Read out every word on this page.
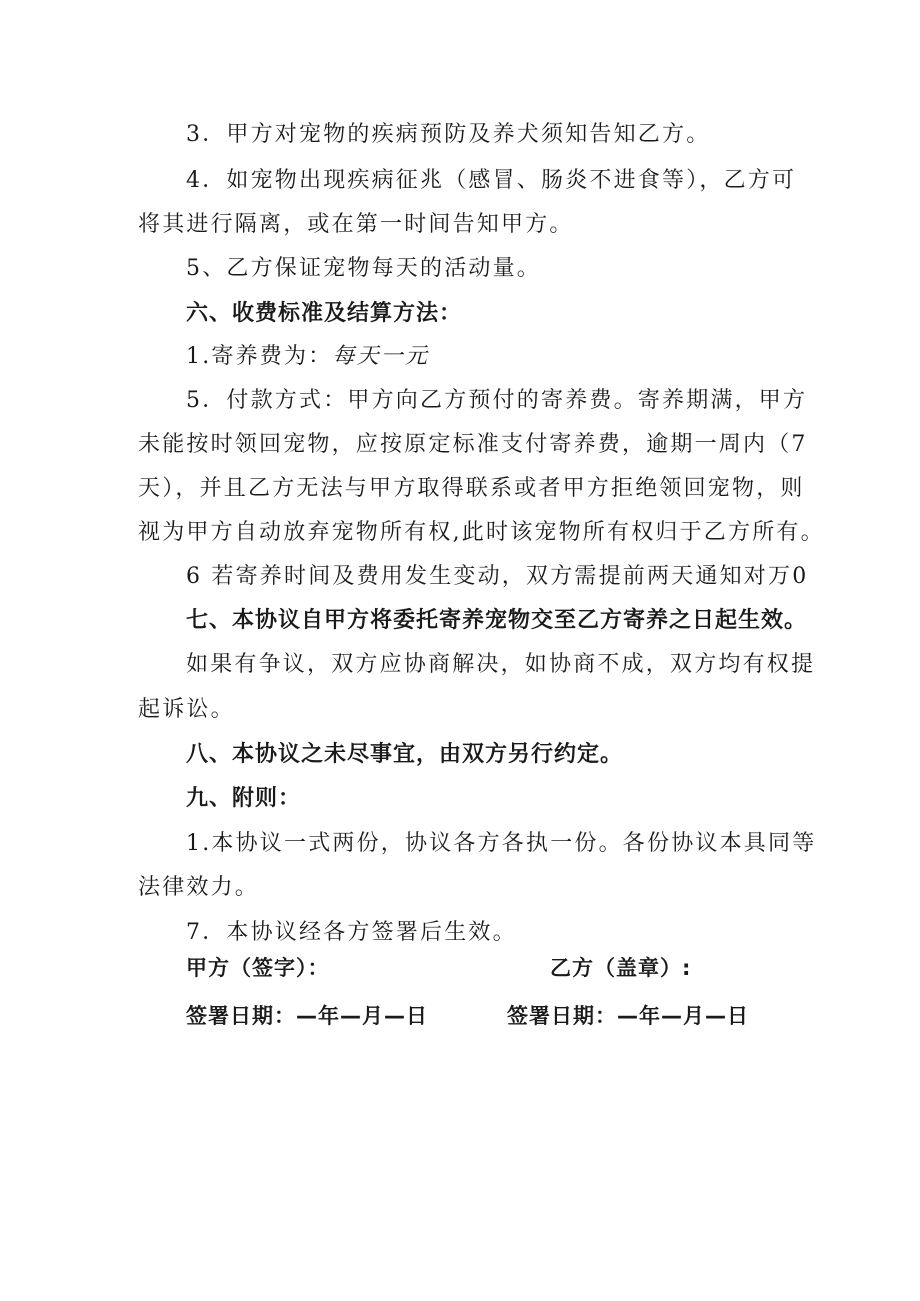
3．甲方对宠物的疾病预防及养犬须知告知乙方。
4．如宠物出现疾病征兆（感冒、肠炎不进食等），乙方可
将其进行隔离，或在第一时间告知甲方。
5、乙方保证宠物每天的活动量。
六、收费标准及结算方法：
1.寄养费为：每天一元
5．付款方式：甲方向乙方预付的寄养费。寄养期满，甲方
未能按时领回宠物，应按原定标准支付寄养费，逾期一周内（7
天），并且乙方无法与甲方取得联系或者甲方拒绝领回宠物，则
视为甲方自动放弃宠物所有权,此时该宠物所有权归于乙方所有。
6 若寄养时间及费用发生变动，双方需提前两天通知对万0
七、本协议自甲方将委托寄养宠物交至乙方寄养之日起生效。
如果有争议，双方应协商解决，如协商不成，双方均有权提
起诉讼。
八、本协议之未尽事宜，由双方另行约定。
九、附则：
1.本协议一式两份，协议各方各执一份。各份协议本具同等
法律效力。
7．本协议经各方签署后生效。
甲方（签字）：	乙方（盖章）:
签署日期：—年—月—日	签署日期：—年—月—日
